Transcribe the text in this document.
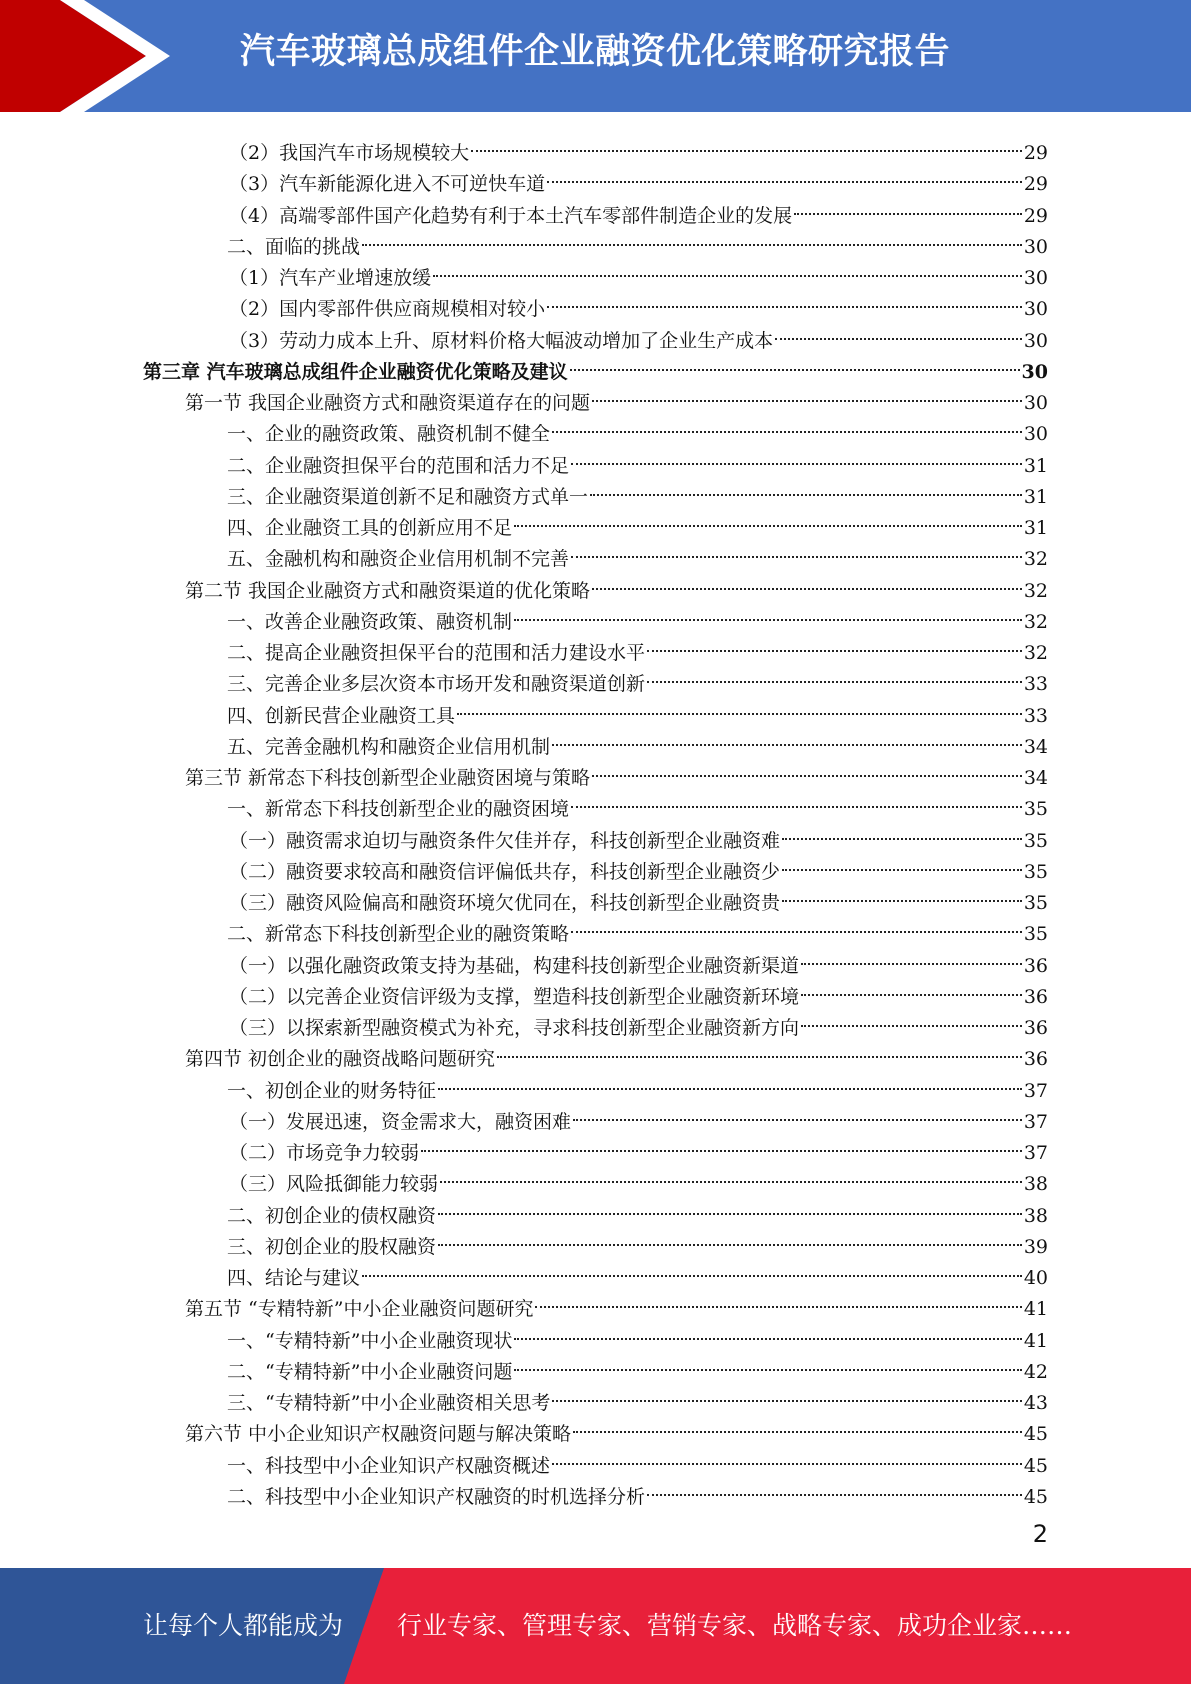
汽车玻璃总成组件企业融资优化策略研究报告
（2）我国汽车市场规模较大	29
（3）汽车新能源化进入不可逆快车道	29
（4）高端零部件国产化趋势有利于本土汽车零部件制造企业的发展	29
二、面临的挑战	30
（1）汽车产业增速放缓	30
（2）国内零部件供应商规模相对较小	30
（3）劳动力成本上升、原材料价格大幅波动增加了企业生产成本	30
第三章 汽车玻璃总成组件企业融资优化策略及建议	30
第一节 我国企业融资方式和融资渠道存在的问题	30
一、企业的融资政策、融资机制不健全	30
二、企业融资担保平台的范围和活力不足	31
三、企业融资渠道创新不足和融资方式单一	31
四、企业融资工具的创新应用不足	31
五、金融机构和融资企业信用机制不完善	32
第二节 我国企业融资方式和融资渠道的优化策略	32
一、改善企业融资政策、融资机制	32
二、提高企业融资担保平台的范围和活力建设水平	32
三、完善企业多层次资本市场开发和融资渠道创新	33
四、创新民营企业融资工具	33
五、完善金融机构和融资企业信用机制	34
第三节 新常态下科技创新型企业融资困境与策略	34
一、新常态下科技创新型企业的融资困境	35
（一）融资需求迫切与融资条件欠佳并存，科技创新型企业融资难	35
（二）融资要求较高和融资信评偏低共存，科技创新型企业融资少	35
（三）融资风险偏高和融资环境欠优同在，科技创新型企业融资贵	35
二、新常态下科技创新型企业的融资策略	35
（一）以强化融资政策支持为基础，构建科技创新型企业融资新渠道	36
（二）以完善企业资信评级为支撑，塑造科技创新型企业融资新环境	36
（三）以探索新型融资模式为补充，寻求科技创新型企业融资新方向	36
第四节 初创企业的融资战略问题研究	36
一、初创企业的财务特征	37
（一）发展迅速，资金需求大，融资困难	37
（二）市场竞争力较弱	37
（三）风险抵御能力较弱	38
二、初创企业的债权融资	38
三、初创企业的股权融资	39
四、结论与建议	40
第五节 “专精特新”中小企业融资问题研究	41
一、“专精特新”中小企业融资现状	41
二、“专精特新”中小企业融资问题	42
三、“专精特新”中小企业融资相关思考	43
第六节 中小企业知识产权融资问题与解决策略	45
一、科技型中小企业知识产权融资概述	45
二、科技型中小企业知识产权融资的时机选择分析	45
2
让每个人都能成为 行业专家、管理专家、营销专家、战略专家、成功企业家……
